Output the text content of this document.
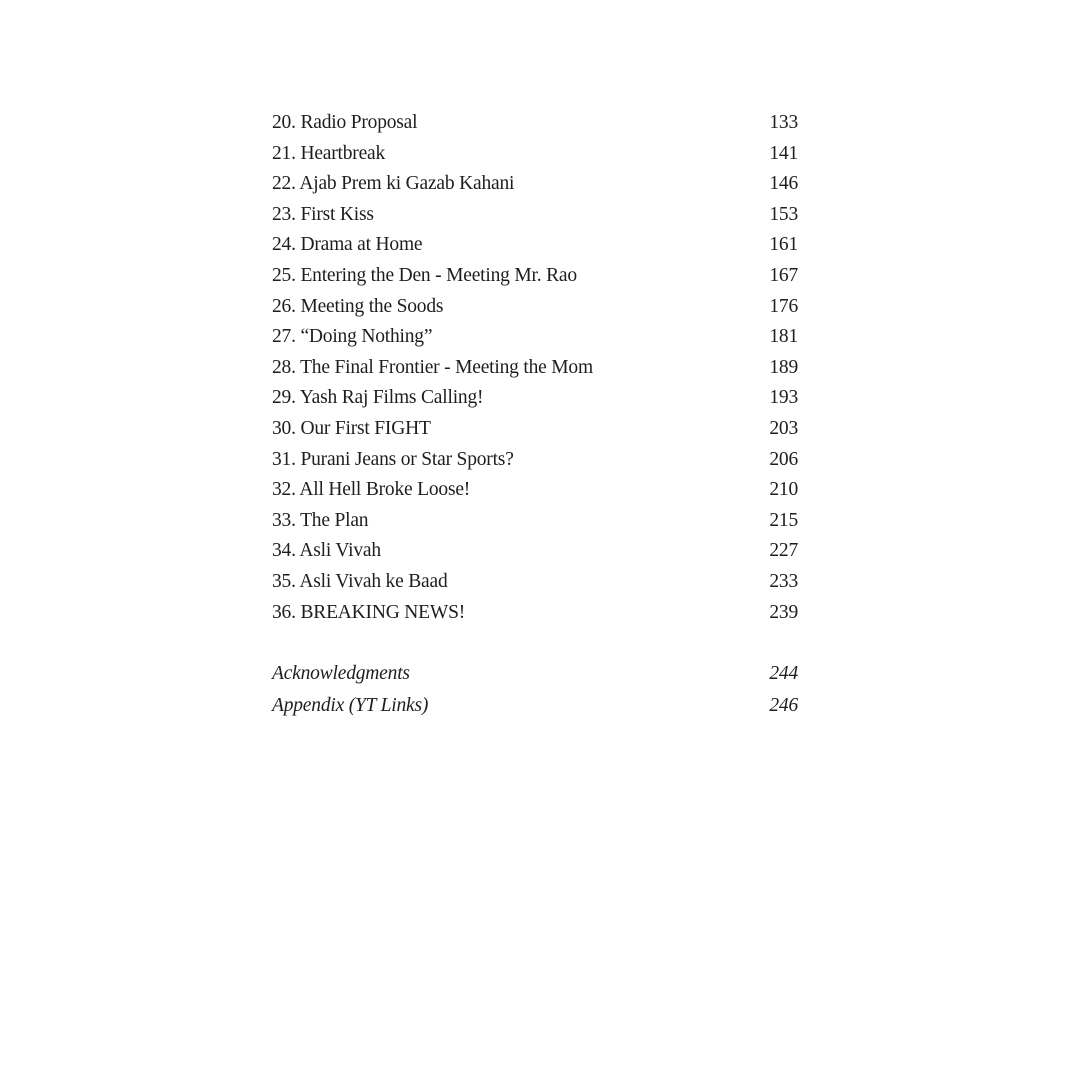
20. Radio Proposal	133
21. Heartbreak	141
22. Ajab Prem ki Gazab Kahani	146
23. First Kiss	153
24. Drama at Home	161
25. Entering the Den - Meeting Mr. Rao	167
26. Meeting the Soods	176
27. “Doing Nothing”	181
28. The Final Frontier - Meeting the Mom	189
29. Yash Raj Films Calling!	193
30. Our First FIGHT	203
31. Purani Jeans or Star Sports?	206
32. All Hell Broke Loose!	210
33. The Plan	215
34. Asli Vivah	227
35. Asli Vivah ke Baad	233
36. BREAKING NEWS!	239
Acknowledgments	244
Appendix (YT Links)	246
